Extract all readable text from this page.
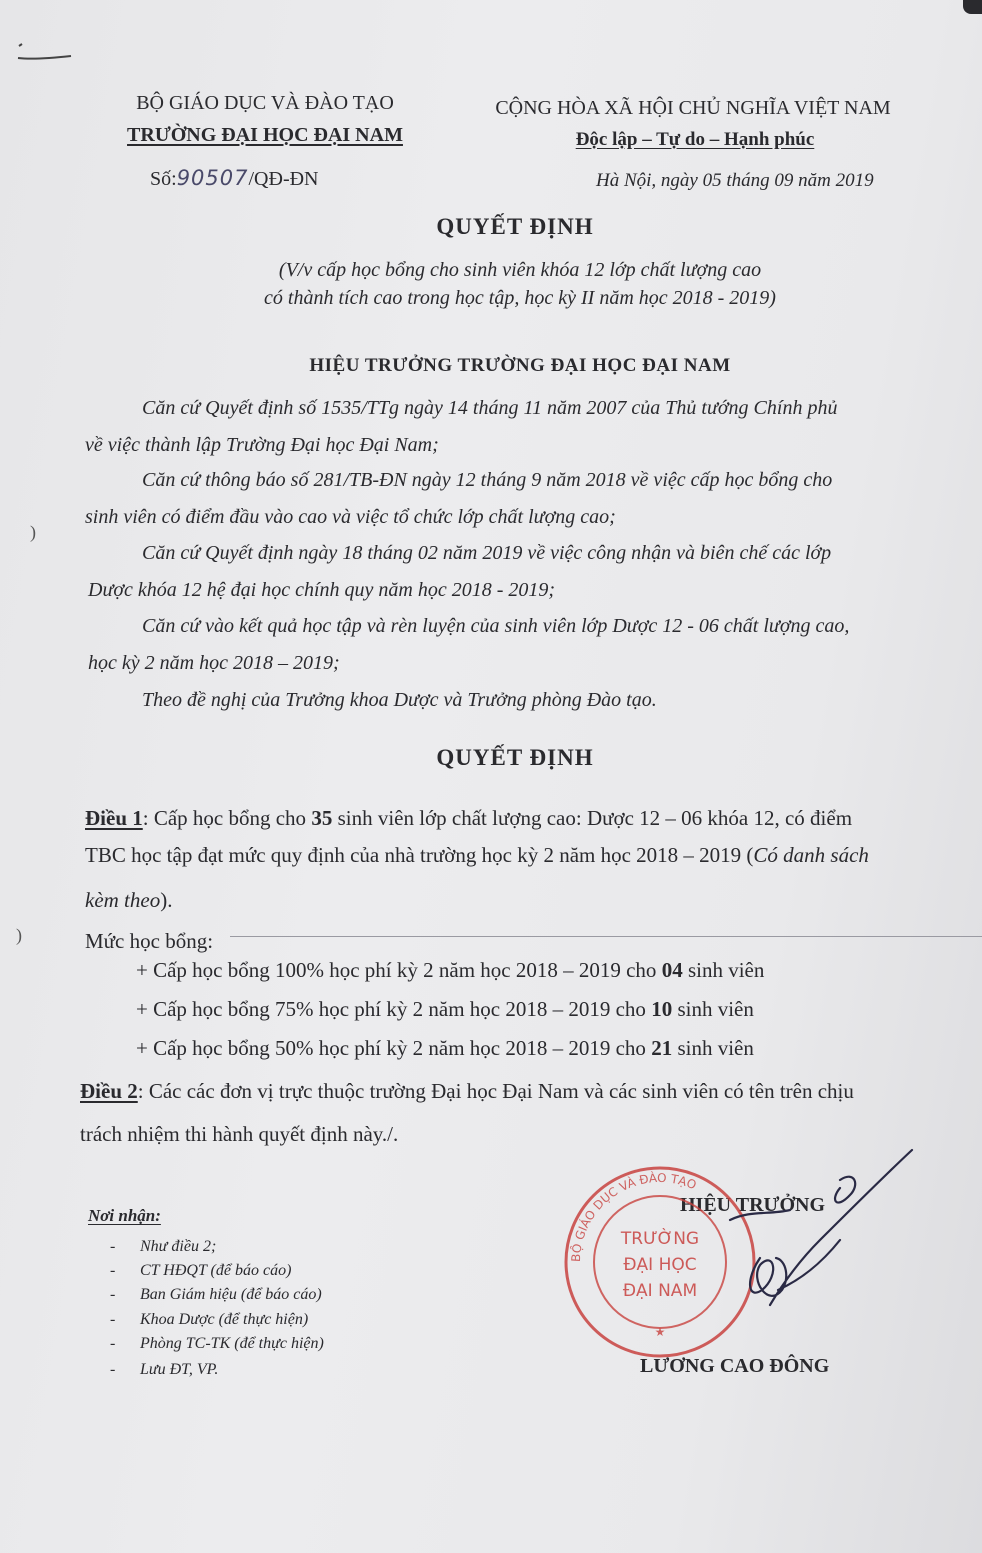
BỘ GIÁO DỤC VÀ ĐÀO TẠO
TRƯỜNG ĐẠI HỌC ĐẠI NAM
Số:90507/QĐ-ĐN
CỘNG HÒA XÃ HỘI CHỦ NGHĨA VIỆT NAM
Độc lập – Tự do – Hạnh phúc
Hà Nội, ngày 05 tháng 09 năm 2019
QUYẾT ĐỊNH
(V/v cấp học bổng cho sinh viên khóa 12 lớp chất lượng cao
có thành tích cao trong học tập, học kỳ II năm học 2018 - 2019)
HIỆU TRƯỞNG TRƯỜNG ĐẠI HỌC ĐẠI NAM
Căn cứ Quyết định số 1535/TTg ngày 14 tháng 11 năm 2007 của Thủ tướng Chính phủ
về việc thành lập Trường Đại học Đại Nam;
Căn cứ thông báo số 281/TB-ĐN ngày 12 tháng 9 năm 2018 về việc cấp học bổng cho
sinh viên có điểm đầu vào cao và việc tổ chức lớp chất lượng cao;
Căn cứ Quyết định ngày 18 tháng 02 năm 2019 về việc công nhận và biên chế các lớp
Dược khóa 12 hệ đại học chính quy năm học 2018 - 2019;
Căn cứ vào kết quả học tập và rèn luyện của sinh viên lớp Dược 12 - 06 chất lượng cao,
học kỳ 2 năm học 2018 – 2019;
Theo đề nghị của Trưởng khoa Dược và Trưởng phòng Đào tạo.
QUYẾT ĐỊNH
Điều 1: Cấp học bổng cho 35 sinh viên lớp chất lượng cao: Dược 12 – 06 khóa 12, có điểm
TBC học tập đạt mức quy định của nhà trường học kỳ 2 năm học 2018 – 2019 (Có danh sách
kèm theo).
Mức học bổng:
+ Cấp học bổng 100% học phí kỳ 2 năm học 2018 – 2019 cho 04 sinh viên
+ Cấp học bổng 75% học phí kỳ 2 năm học 2018 – 2019 cho 10 sinh viên
+ Cấp học bổng 50% học phí kỳ 2 năm học 2018 – 2019 cho 21 sinh viên
Điều 2: Các các đơn vị trực thuộc trường Đại học Đại Nam và các sinh viên có tên trên chịu
trách nhiệm thi hành quyết định này./.
Nơi nhận:
- Như điều 2;
- CT HĐQT (để báo cáo)
- Ban Giám hiệu (để báo cáo)
- Khoa Dược (để thực hiện)
- Phòng TC-TK (để thực hiện)
- Lưu ĐT, VP.
HIỆU TRƯỞNG
LƯƠNG CAO ĐÔNG
BỘ GIÁO DỤC VÀ ĐÀO TẠO
TRƯỜNG
ĐẠI HỌC
ĐẠI NAM
★
)
)
